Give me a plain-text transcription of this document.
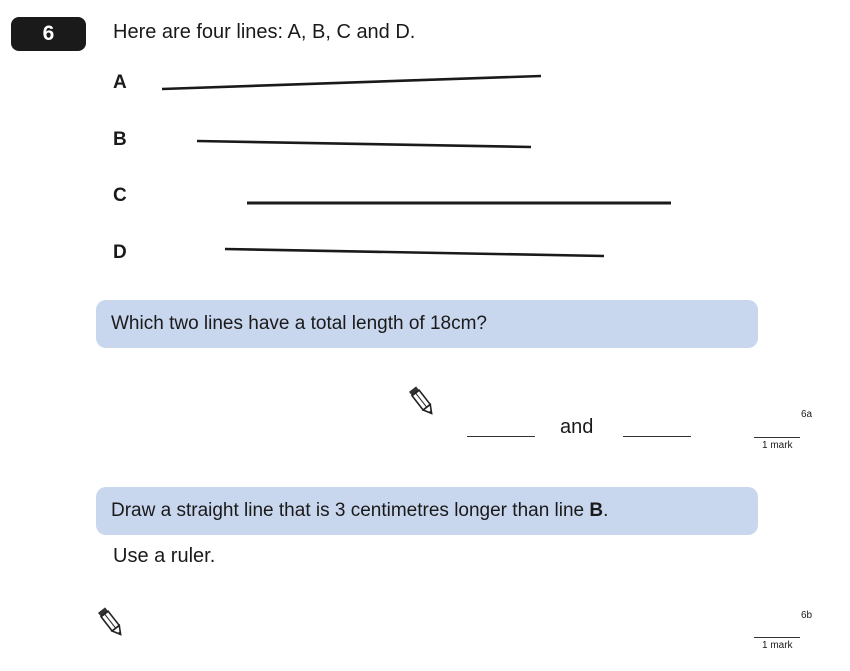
6	Here are four lines: A, B, C and D.
A
B
C
D
Which two lines have a total length of 18cm?
and
6a
1 mark
Draw a straight line that is 3 centimetres longer than line B.
Use a ruler.
6b
1 mark
